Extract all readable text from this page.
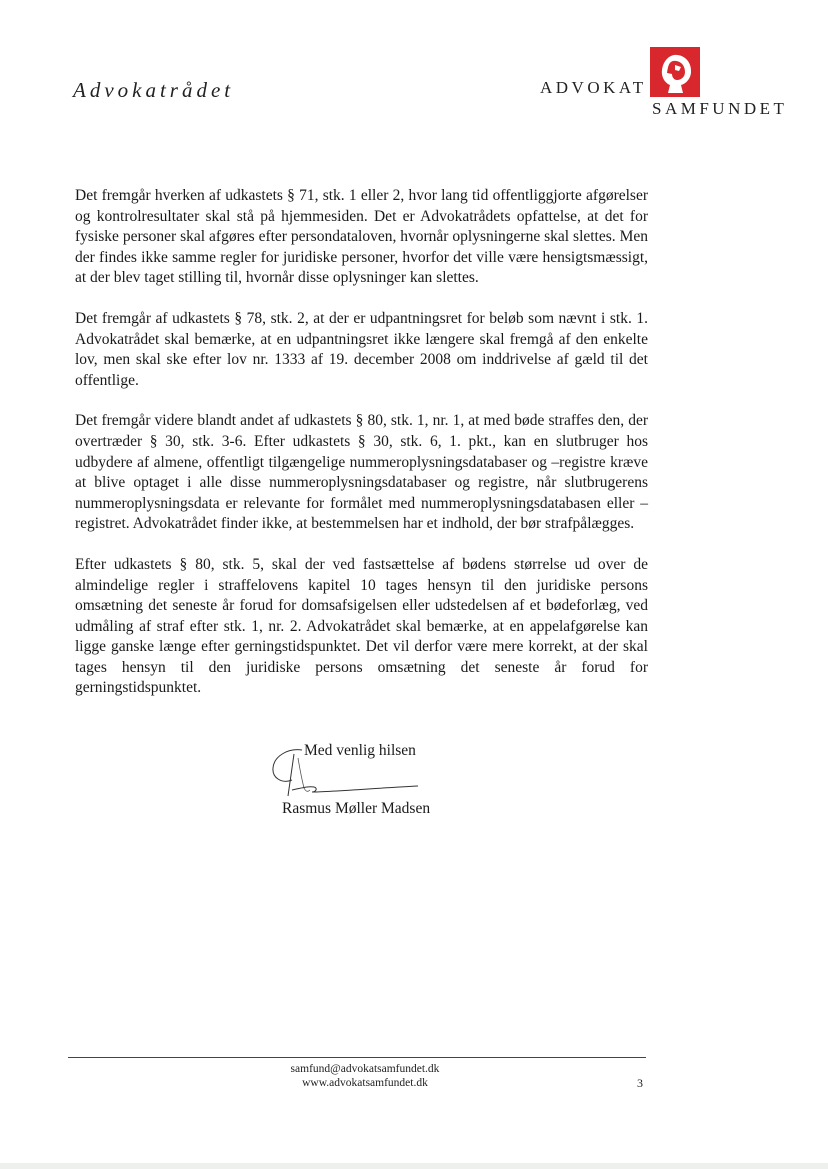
Advokatrådet	ADVOKAT
SAMFUNDET

Det fremgår hverken af udkastets § 71, stk. 1 eller 2, hvor lang tid offentliggjorte afgørelser og kontrolresultater skal stå på hjemmesiden. Det er Advokatrådets opfattelse, at det for fysiske personer skal afgøres efter persondataloven, hvornår oplysningerne skal slettes. Men der findes ikke samme regler for juridiske personer, hvorfor det ville være hensigtsmæssigt, at der blev taget stilling til, hvornår disse oplysninger kan slettes.

Det fremgår af udkastets § 78, stk. 2, at der er udpantningsret for beløb som nævnt i stk. 1. Advokatrådet skal bemærke, at en udpantningsret ikke længere skal fremgå af den enkelte lov, men skal ske efter lov nr. 1333 af 19. december 2008 om inddrivelse af gæld til det offentlige.

Det fremgår videre blandt andet af udkastets § 80, stk. 1, nr. 1, at med bøde straffes den, der overtræder § 30, stk. 3-6. Efter udkastets § 30, stk. 6, 1. pkt., kan en slutbruger hos udbydere af almene, offentligt tilgængelige nummeroplysningsdatabaser og –registre kræve at blive optaget i alle disse nummeroplysningsdatabaser og registre, når slutbrugerens nummeroplysningsdata er relevante for formålet med nummeroplysningsdatabasen eller –registret. Advokatrådet finder ikke, at bestemmelsen har et indhold, der bør strafpålægges.

Efter udkastets § 80, stk. 5, skal der ved fastsættelse af bødens størrelse ud over de almindelige regler i straffelovens kapitel 10 tages hensyn til den juridiske persons omsætning det seneste år forud for domsafsigelsen eller udstedelsen af et bødeforlæg, ved udmåling af straf efter stk. 1, nr. 2. Advokatrådet skal bemærke, at en appelafgørelse kan ligge ganske længe efter gerningstidspunktet. Det vil derfor være mere korrekt, at der skal tages hensyn til den juridiske persons omsætning det seneste år forud for gerningstidspunktet.

Med venlig hilsen
Rasmus Møller Madsen
samfund@advokatsamfundet.dk
www.advokatsamfundet.dk	3
